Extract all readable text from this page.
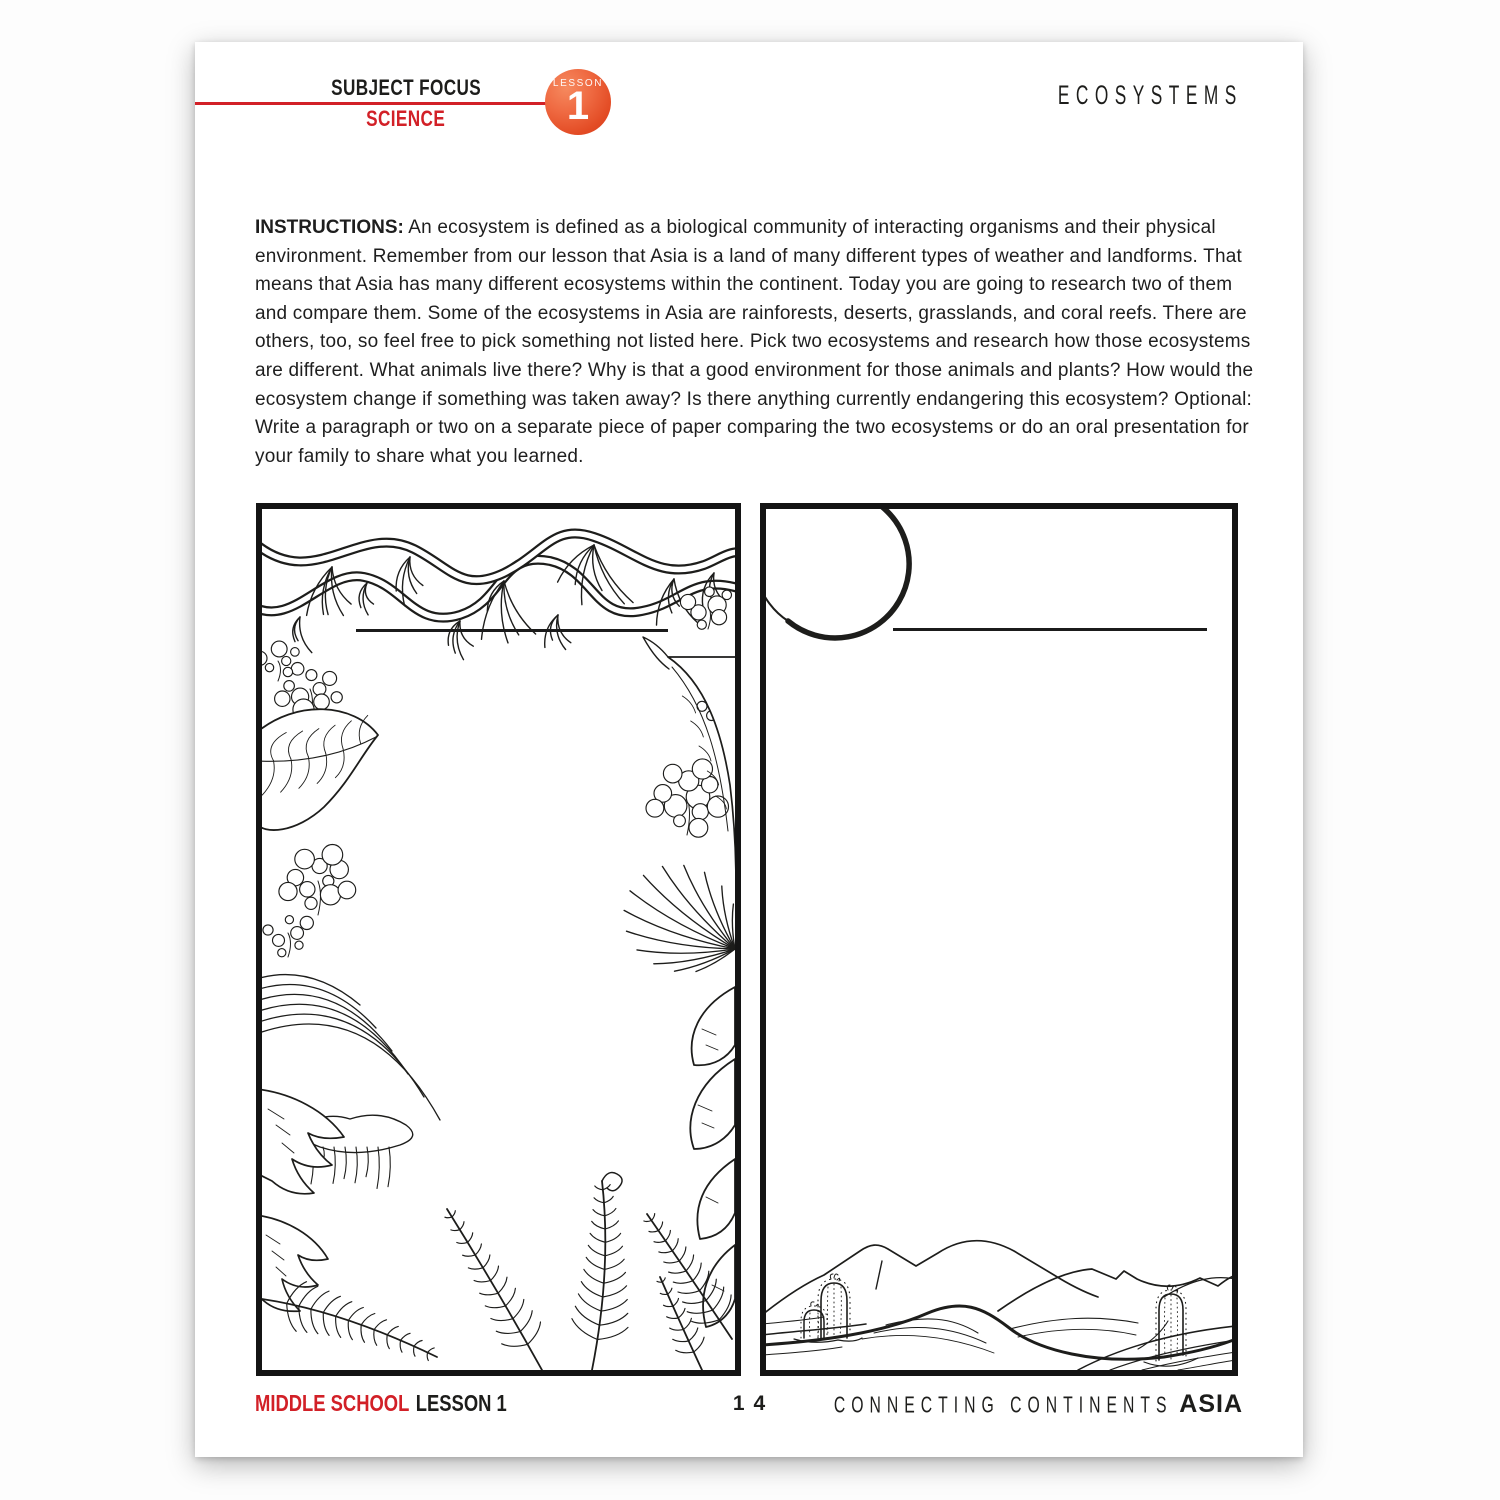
SUBJECT FOCUS
SCIENCE
LESSON
1	ECOSYSTEMS

INSTRUCTIONS: An ecosystem is defined as a biological community of interacting organisms and their physical environment. Remember from our lesson that Asia is a land of many different types of weather and landforms. That means that Asia has many different ecosystems within the continent. Today you are going to research two of them and compare them. Some of the ecosystems in Asia are rainforests, deserts, grasslands, and coral reefs. There are others, too, so feel free to pick something not listed here. Pick two ecosystems and research how those ecosystems are different. What animals live there? Why is that a good environment for those animals and plants? How would the ecosystem change if something was taken away? Is there anything currently endangering this ecosystem? Optional: Write a paragraph or two on a separate piece of paper comparing the two ecosystems or do an oral presentation for your family to share what you learned.

MIDDLE SCHOOL LESSON 1	14	CONNECTING CONTINENTS ASIA
